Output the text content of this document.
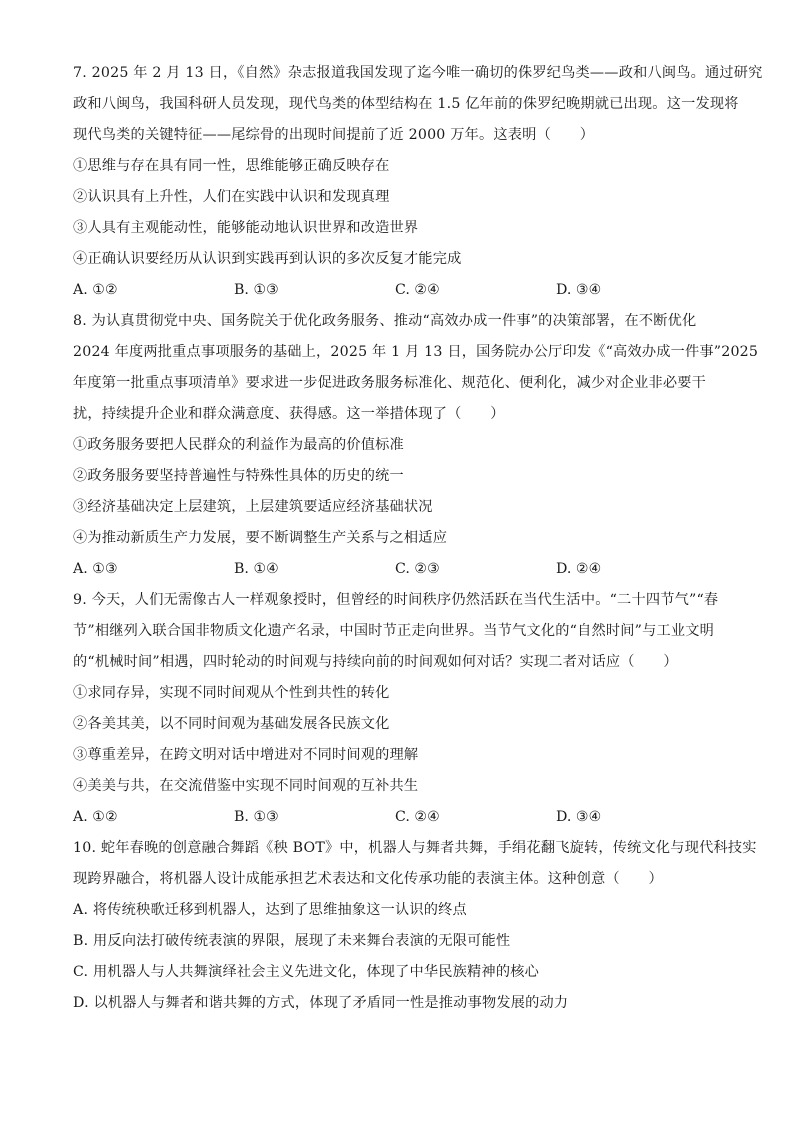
7. 2025 年 2 月 13 日，《自然》杂志报道我国发现了迄今唯一确切的侏罗纪鸟类——政和八闽鸟。通过研究
政和八闽鸟，我国科研人员发现，现代鸟类的体型结构在 1.5 亿年前的侏罗纪晚期就已出现。这一发现将
现代鸟类的关键特征——尾综骨的出现时间提前了近 2000 万年。这表明（　　）
①思维与存在具有同一性，思维能够正确反映存在
②认识具有上升性，人们在实践中认识和发现真理
③人具有主观能动性，能够能动地认识世界和改造世界
④正确认识要经历从认识到实践再到认识的多次反复才能完成
A. ①②	B. ①③	C. ②④	D. ③④
8. 为认真贯彻党中央、国务院关于优化政务服务、推动“高效办成一件事”的决策部署，在不断优化
2024 年度两批重点事项服务的基础上，2025 年 1 月 13 日，国务院办公厅印发《“高效办成一件事”2025
年度第一批重点事项清单》要求进一步促进政务服务标准化、规范化、便利化，减少对企业非必要干
扰，持续提升企业和群众满意度、获得感。这一举措体现了（　　）
①政务服务要把人民群众的利益作为最高的价值标准
②政务服务要坚持普遍性与特殊性具体的历史的统一
③经济基础决定上层建筑，上层建筑要适应经济基础状况
④为推动新质生产力发展，要不断调整生产关系与之相适应
A. ①③	B. ①④	C. ②③	D. ②④
9. 今天，人们无需像古人一样观象授时，但曾经的时间秩序仍然活跃在当代生活中。“二十四节气”“春
节”相继列入联合国非物质文化遗产名录，中国时节正走向世界。当节气文化的“自然时间”与工业文明
的“机械时间”相遇，四时轮动的时间观与持续向前的时间观如何对话？实现二者对话应（　　）
①求同存异，实现不同时间观从个性到共性的转化
②各美其美，以不同时间观为基础发展各民族文化
③尊重差异，在跨文明对话中增进对不同时间观的理解
④美美与共，在交流借鉴中实现不同时间观的互补共生
A. ①②	B. ①③	C. ②④	D. ③④
10. 蛇年春晚的创意融合舞蹈《秧 BOT》中，机器人与舞者共舞，手绢花翻飞旋转，传统文化与现代科技实
现跨界融合，将机器人设计成能承担艺术表达和文化传承功能的表演主体。这种创意（　　）
A. 将传统秧歌迁移到机器人，达到了思维抽象这一认识的终点
B. 用反向法打破传统表演的界限，展现了未来舞台表演的无限可能性
C. 用机器人与人共舞演绎社会主义先进文化，体现了中华民族精神的核心
D. 以机器人与舞者和谐共舞的方式，体现了矛盾同一性是推动事物发展的动力
